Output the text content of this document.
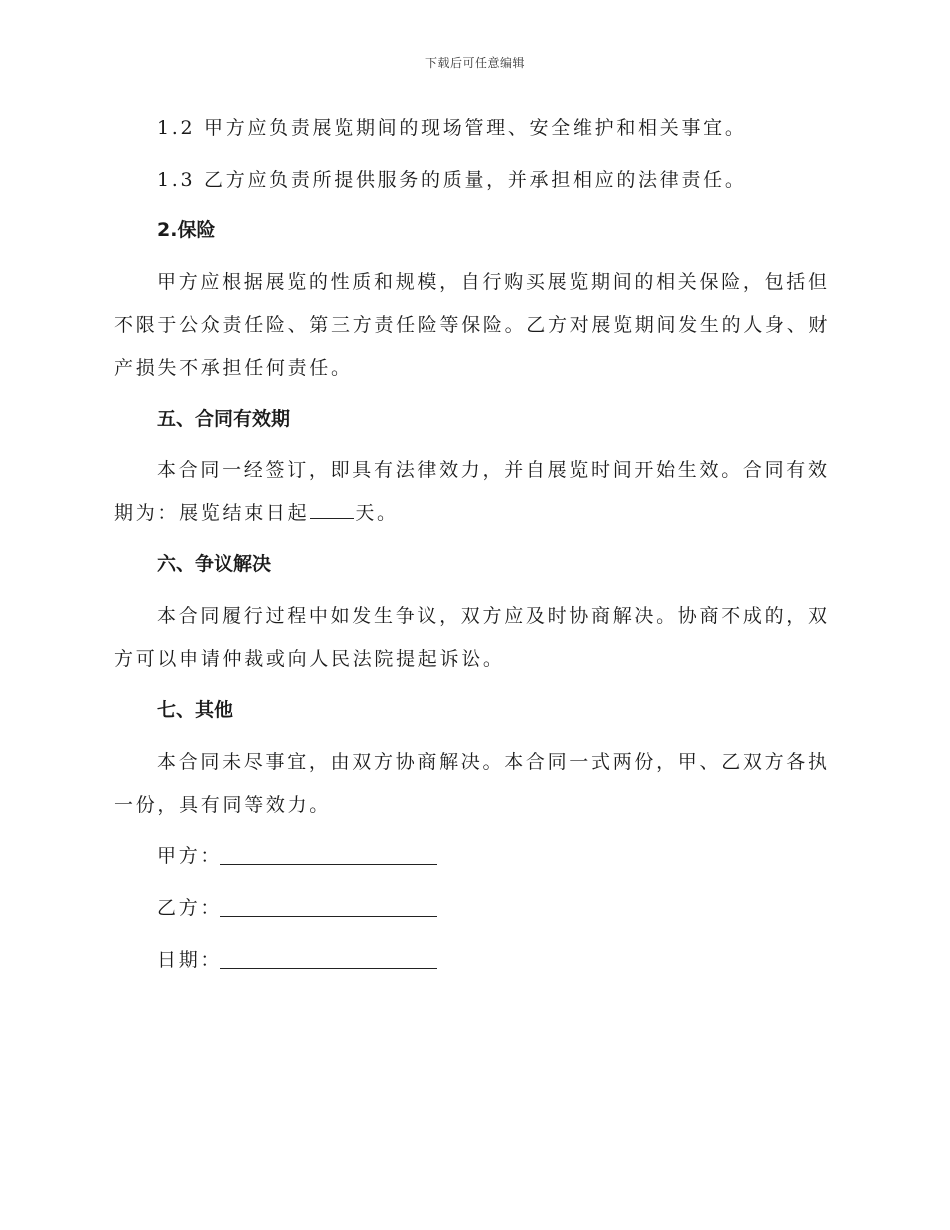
下载后可任意编辑
1.2 甲方应负责展览期间的现场管理、安全维护和相关事宜。
1.3 乙方应负责所提供服务的质量，并承担相应的法律责任。
2.保险
甲方应根据展览的性质和规模，自行购买展览期间的相关保险，包括但
不限于公众责任险、第三方责任险等保险。乙方对展览期间发生的人身、财
产损失不承担任何责任。
五、合同有效期
本合同一经签订，即具有法律效力，并自展览时间开始生效。合同有效
期为：展览结束日起 天。
六、争议解决
本合同履行过程中如发生争议，双方应及时协商解决。协商不成的，双
方可以申请仲裁或向人民法院提起诉讼。
七、其他
本合同未尽事宜，由双方协商解决。本合同一式两份，甲、乙双方各执
一份，具有同等效力。
甲方：
乙方：
日期：
